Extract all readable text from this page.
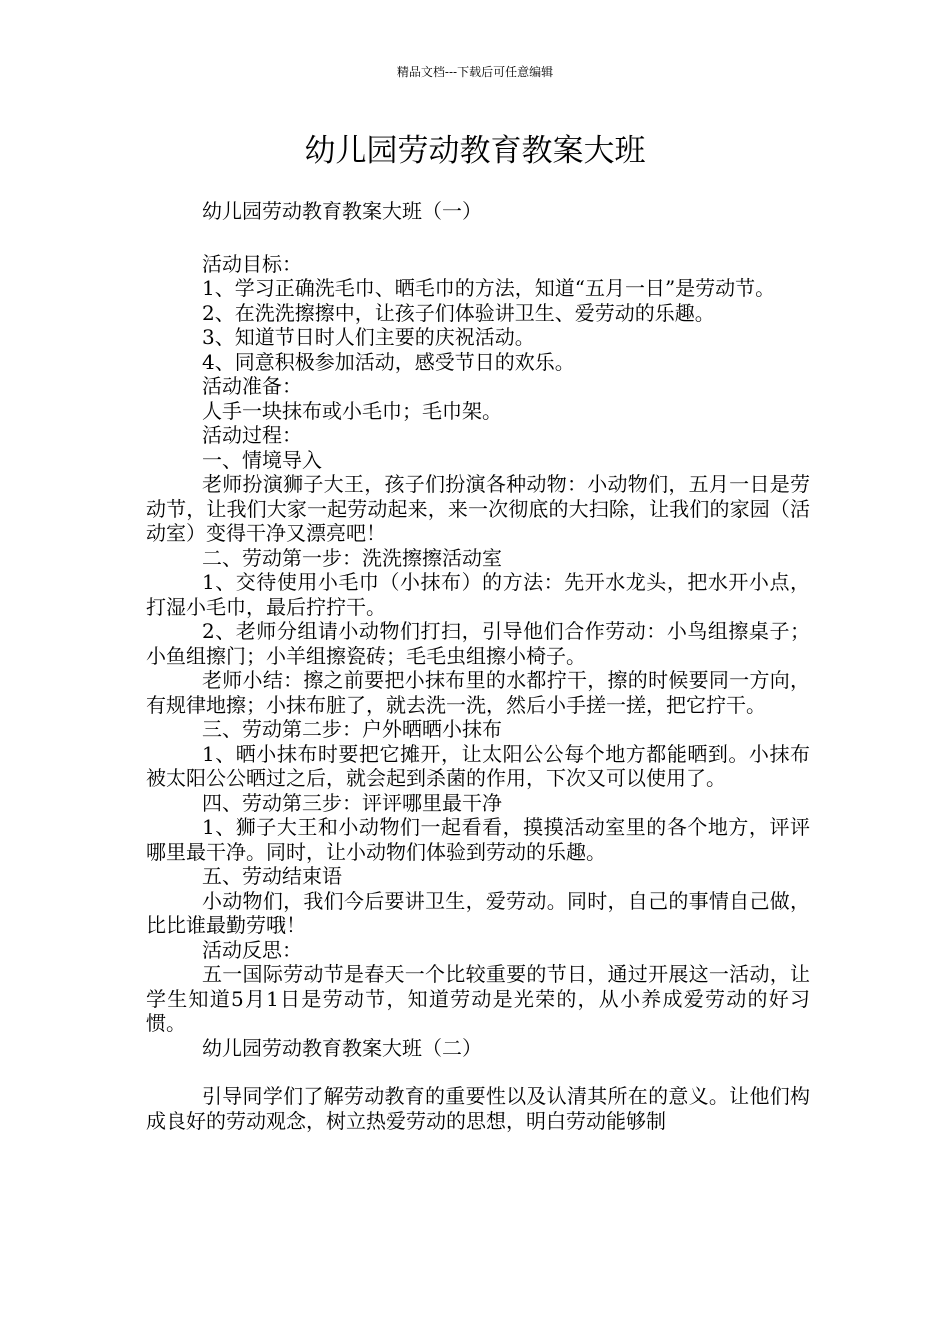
精品文档---下载后可任意编辑
幼儿园劳动教育教案大班

幼儿园劳动教育教案大班（一）

活动目标：

1、学习正确洗毛巾、晒毛巾的方法，知道“五月一日”是劳动节。

2、在洗洗擦擦中，让孩子们体验讲卫生、爱劳动的乐趣。

3、知道节日时人们主要的庆祝活动。

4、同意积极参加活动，感受节日的欢乐。

活动准备：

人手一块抹布或小毛巾；毛巾架。

活动过程：

一、情境导入

老师扮演狮子大王，孩子们扮演各种动物：小动物们，五月一日是劳动节，让我们大家一起劳动起来，来一次彻底的大扫除，让我们的家园（活动室）变得干净又漂亮吧！

二、劳动第一步：洗洗擦擦活动室

1、交待使用小毛巾（小抹布）的方法：先开水龙头，把水开小点，打湿小毛巾，最后拧拧干。

2、老师分组请小动物们打扫，引导他们合作劳动：小鸟组擦桌子；小鱼组擦门；小羊组擦瓷砖；毛毛虫组擦小椅子。

老师小结：擦之前要把小抹布里的水都拧干，擦的时候要同一方向，有规律地擦；小抹布脏了，就去洗一洗，然后小手搓一搓，把它拧干。

三、劳动第二步：户外晒晒小抹布

1、晒小抹布时要把它摊开，让太阳公公每个地方都能晒到。小抹布被太阳公公晒过之后，就会起到杀菌的作用，下次又可以使用了。

四、劳动第三步：评评哪里最干净

1、狮子大王和小动物们一起看看，摸摸活动室里的各个地方，评评哪里最干净。同时，让小动物们体验到劳动的乐趣。

五、劳动结束语

小动物们，我们今后要讲卫生，爱劳动。同时，自己的事情自己做，比比谁最勤劳哦！

活动反思：

五一国际劳动节是春天一个比较重要的节日，通过开展这一活动，让学生知道5月1日是劳动节，知道劳动是光荣的，从小养成爱劳动的好习惯。

幼儿园劳动教育教案大班（二）

引导同学们了解劳动教育的重要性以及认清其所在的意义。让他们构成良好的劳动观念，树立热爱劳动的思想，明白劳动能够制
